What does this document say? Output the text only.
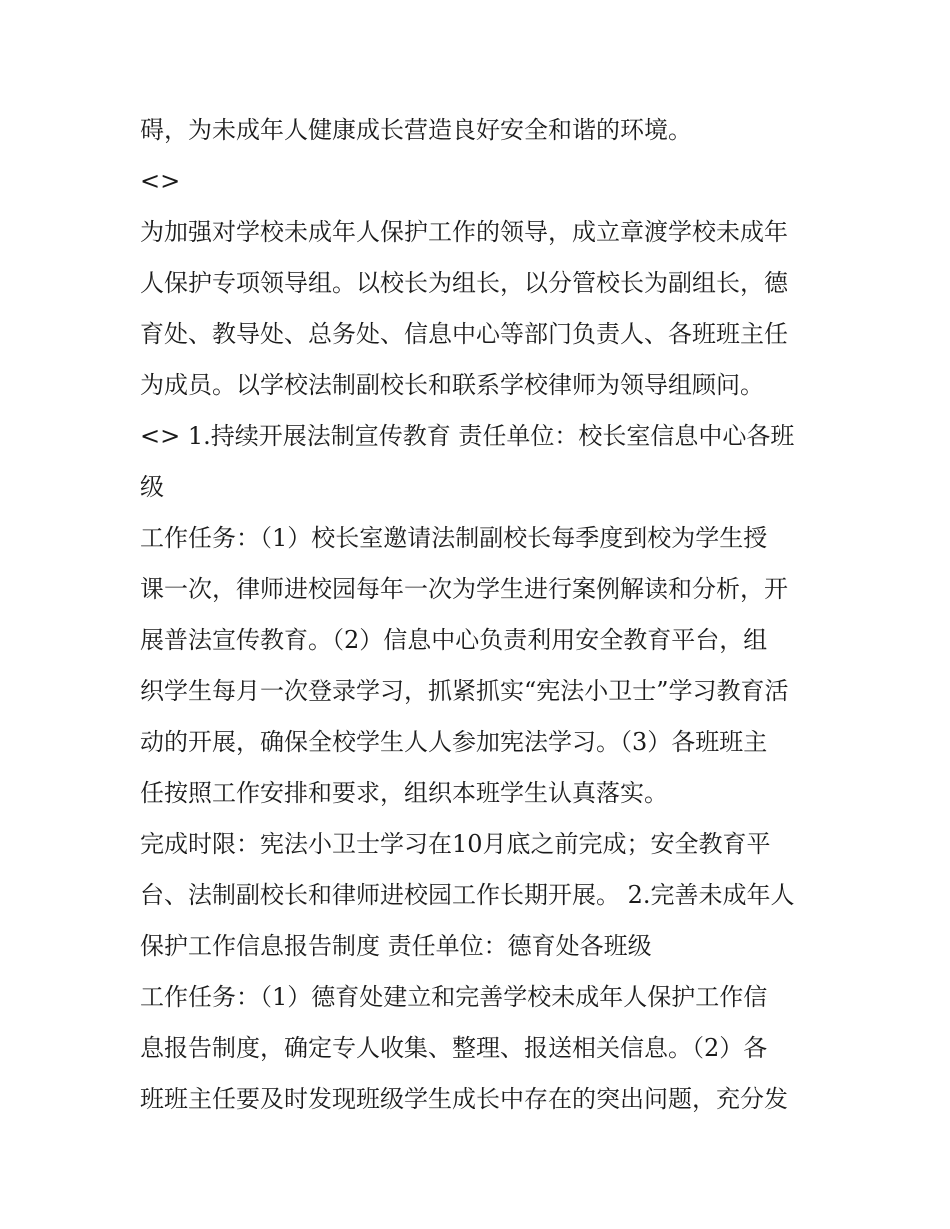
碍，为未成年人健康成长营造良好安全和谐的环境。
<>
为加强对学校未成年人保护工作的领导，成立章渡学校未成年
人保护专项领导组。以校长为组长，以分管校长为副组长，德
育处、教导处、总务处、信息中心等部门负责人、各班班主任
为成员。以学校法制副校长和联系学校律师为领导组顾问。
<> 1.持续开展法制宣传教育 责任单位：校长室信息中心各班
级
工作任务：（1）校长室邀请法制副校长每季度到校为学生授
课一次，律师进校园每年一次为学生进行案例解读和分析，开
展普法宣传教育。（2）信息中心负责利用安全教育平台，组
织学生每月一次登录学习，抓紧抓实“宪法小卫士”学习教育活
动的开展，确保全校学生人人参加宪法学习。（3）各班班主
任按照工作安排和要求，组织本班学生认真落实。
完成时限：宪法小卫士学习在10月底之前完成；安全教育平
台、法制副校长和律师进校园工作长期开展。 2.完善未成年人
保护工作信息报告制度 责任单位：德育处各班级
工作任务：（1）德育处建立和完善学校未成年人保护工作信
息报告制度，确定专人收集、整理、报送相关信息。（2）各
班班主任要及时发现班级学生成长中存在的突出问题，充分发
